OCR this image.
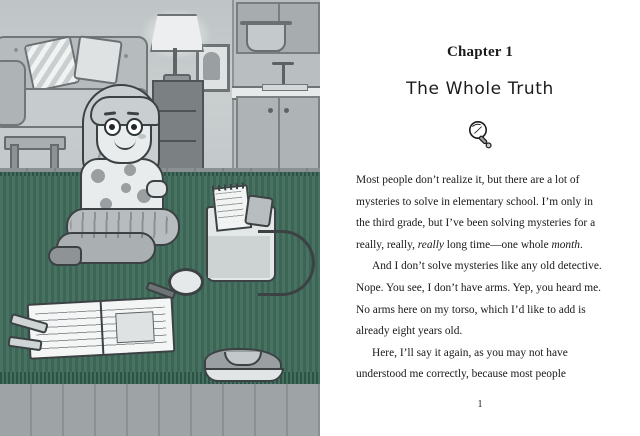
Chapter 1
The Whole Truth

Most people don’t realize it, but there are a lot of mysteries to solve in elementary school. I’m only in the third grade, but I’ve been solving mysteries for a really, really, really long time—one whole month.

And I don’t solve mysteries like any old detective. Nope. You see, I don’t have arms. Yep, you heard me. No arms here on my torso, which I’d like to add is already eight years old.

Here, I’ll say it again, as you may not have understood me correctly, because most people

1
